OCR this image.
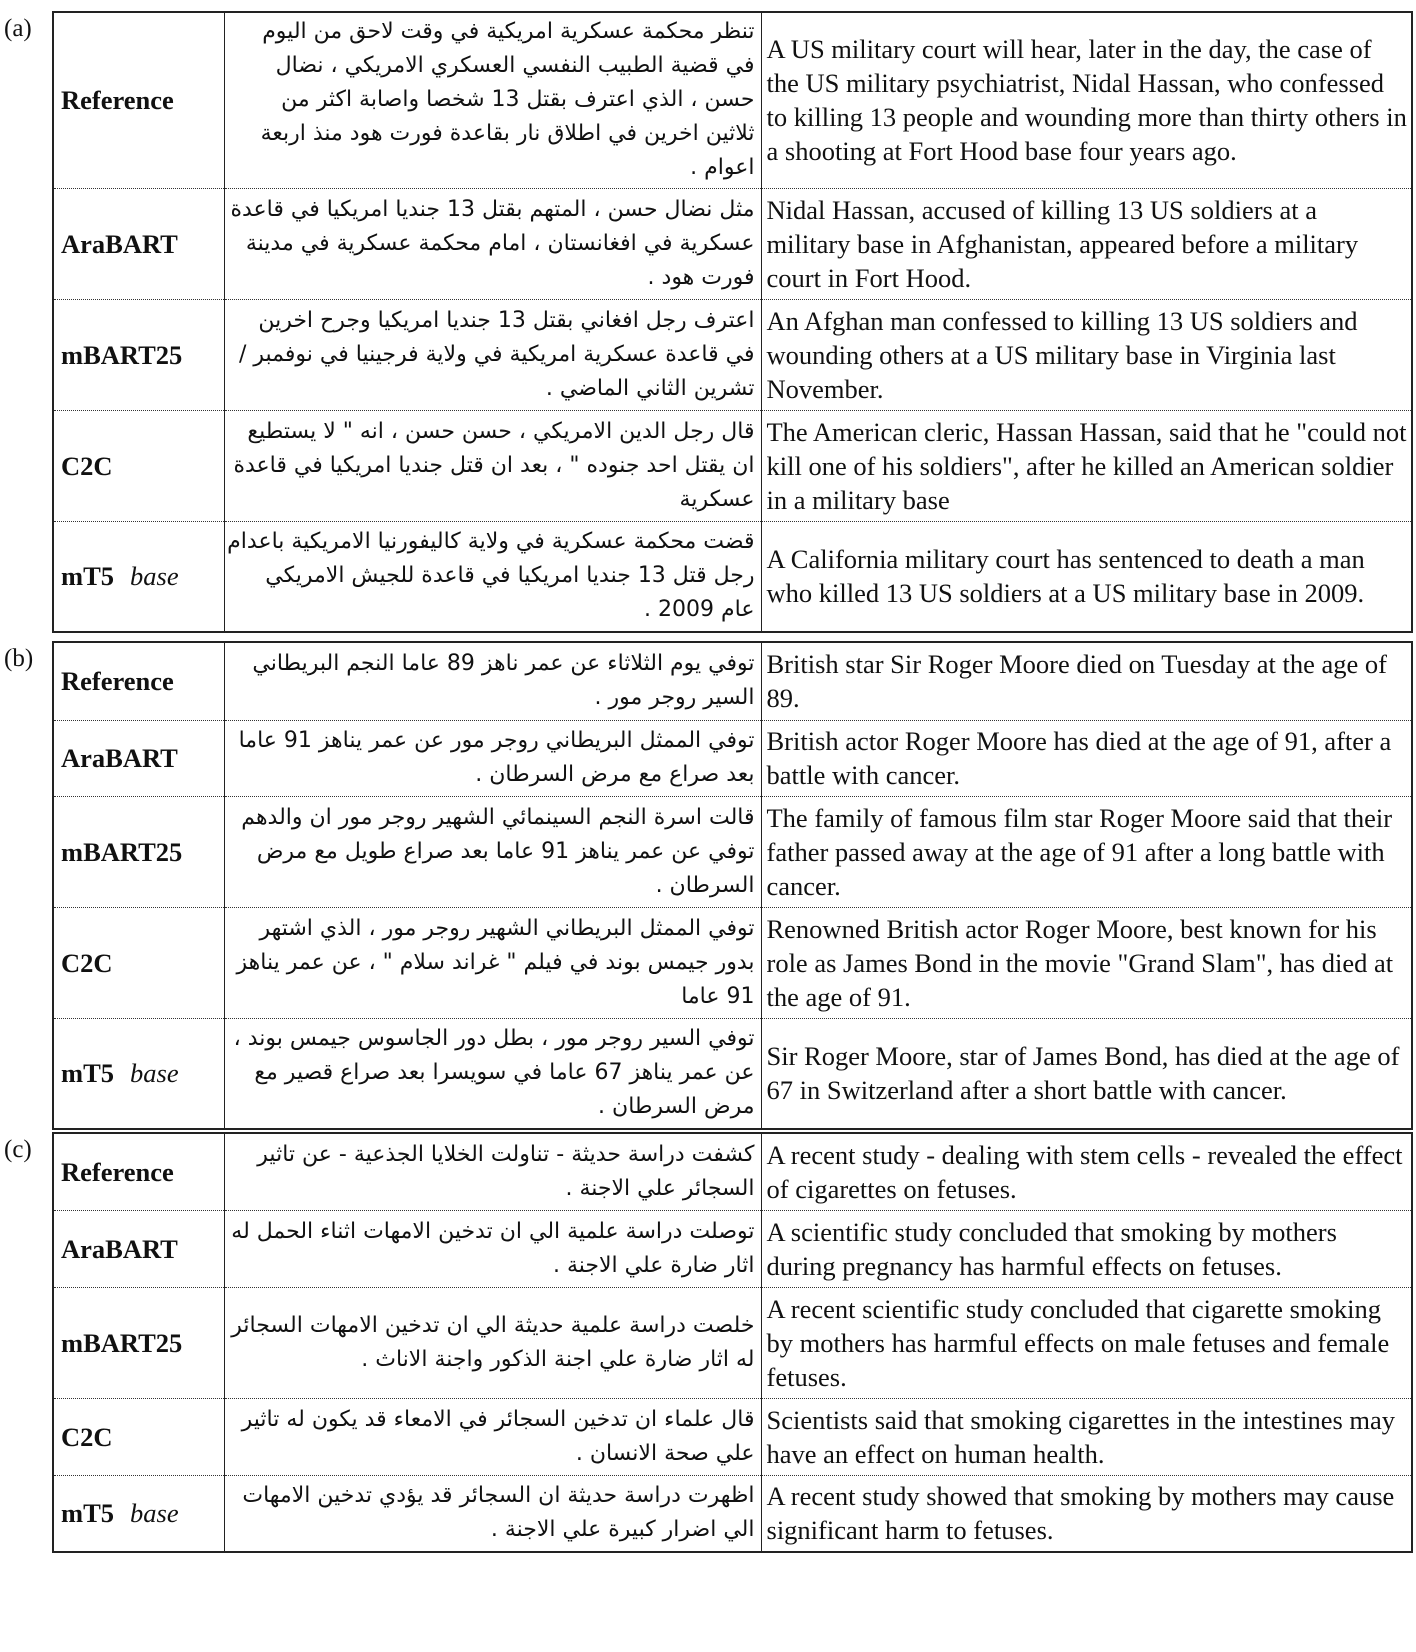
(a)
Reference	تنظر محكمة عسكرية امريكية في وقت لاحق من اليوم في قضية الطبيب النفسي العسكري الامريكي ، نضال حسن ، الذي اعترف بقتل 13 شخصا واصابة اكثر من ثلاثين اخرين في اطلاق نار بقاعدة فورت هود منذ اربعة اعوام .	A US military court will hear, later in the day, the case of the US military psychiatrist, Nidal Hassan, who confessed to killing 13 people and wounding more than thirty others in a shooting at Fort Hood base four years ago.
AraBART	مثل نضال حسن ، المتهم بقتل 13 جنديا امريكيا في قاعدة عسكرية في افغانستان ، امام محكمة عسكرية في مدينة فورت هود .	Nidal Hassan, accused of killing 13 US soldiers at a military base in Afghanistan, appeared before a military court in Fort Hood.
mBART25	اعترف رجل افغاني بقتل 13 جنديا امريكيا وجرح اخرين في قاعدة عسكرية امريكية في ولاية فرجينيا في نوفمبر / تشرين الثاني الماضي .	An Afghan man confessed to killing 13 US soldiers and wounding others at a US military base in Virginia last November.
C2C	قال رجل الدين الامريكي ، حسن حسن ، انه " لا يستطيع ان يقتل احد جنوده " ، بعد ان قتل جنديا امريكيا في قاعدة عسكرية	The American cleric, Hassan Hassan, said that he "could not kill one of his soldiers", after he killed an American soldier in a military base
mT5 base	قضت محكمة عسكرية في ولاية كاليفورنيا الامريكية باعدام رجل قتل 13 جنديا امريكيا في قاعدة للجيش الامريكي عام 2009 .	A California military court has sentenced to death a man who killed 13 US soldiers at a US military base in 2009.
(b)
Reference	توفي يوم الثلاثاء عن عمر ناهز 89 عاما النجم البريطاني السير روجر مور .	British star Sir Roger Moore died on Tuesday at the age of 89.
AraBART	توفي الممثل البريطاني روجر مور عن عمر يناهز 91 عاما بعد صراع مع مرض السرطان .	British actor Roger Moore has died at the age of 91, after a battle with cancer.
mBART25	قالت اسرة النجم السينمائي الشهير روجر مور ان والدهم توفي عن عمر يناهز 91 عاما بعد صراع طويل مع مرض السرطان .	The family of famous film star Roger Moore said that their father passed away at the age of 91 after a long battle with cancer.
C2C	توفي الممثل البريطاني الشهير روجر مور ، الذي اشتهر بدور جيمس بوند في فيلم " غراند سلام " ، عن عمر يناهز 91 عاما	Renowned British actor Roger Moore, best known for his role as James Bond in the movie "Grand Slam", has died at the age of 91.
mT5 base	توفي السير روجر مور ، بطل دور الجاسوس جيمس بوند ، عن عمر يناهز 67 عاما في سويسرا بعد صراع قصير مع مرض السرطان .	Sir Roger Moore, star of James Bond, has died at the age of 67 in Switzerland after a short battle with cancer.
(c)
Reference	كشفت دراسة حديثة - تناولت الخلايا الجذعية - عن تاثير السجائر علي الاجنة .	A recent study - dealing with stem cells - revealed the effect of cigarettes on fetuses.
AraBART	توصلت دراسة علمية الي ان تدخين الامهات اثناء الحمل له اثار ضارة علي الاجنة .	A scientific study concluded that smoking by mothers during pregnancy has harmful effects on fetuses.
mBART25	خلصت دراسة علمية حديثة الي ان تدخين الامهات السجائر له اثار ضارة علي اجنة الذكور واجنة الاناث .	A recent scientific study concluded that cigarette smoking by mothers has harmful effects on male fetuses and female fetuses.
C2C	قال علماء ان تدخين السجائر في الامعاء قد يكون له تاثير علي صحة الانسان .	Scientists said that smoking cigarettes in the intestines may have an effect on human health.
mT5 base	اظهرت دراسة حديثة ان السجائر قد يؤدي تدخين الامهات الي اضرار كبيرة علي الاجنة .	A recent study showed that smoking by mothers may cause significant harm to fetuses.
